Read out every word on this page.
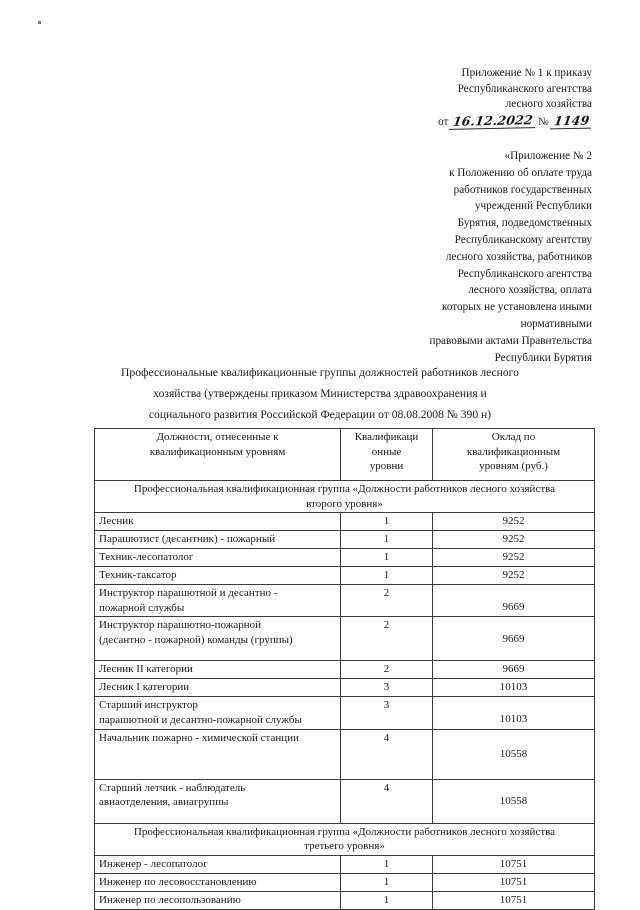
Приложение № 1 к приказу
Республиканского агентства
лесного хозяйства
от 16.12.2022 № 1149
«Приложение № 2
к Положению об оплате труда
работников государственных
учреждений Республики
Бурятия, подведомственных
Республиканскому агентству
лесного хозяйства, работников
Республиканского агентства
лесного хозяйства, оплата
которых не установлена иными
нормативными
правовыми актами Правительства
Республики Бурятия
Профессиональные квалификационные группы должностей работников лесного
хозяйства (утверждены приказом Министерства здравоохранения и
социального развития Российской Федерации от 08.08.2008 № 390 н)
Должности, отнесенные к
квалификационным уровням	Квалификаци
онные
уровни	Оклад по
квалификационным
уровням (руб.)

Профессиональная квалификационная группа «Должности работников лесного хозяйства
второго уровня»		

Лесник	1	9252
Парашютист (десантник) - пожарный	1	9252
Техник-лесопатолог	1	9252
Техник-таксатор	1	9252
Инструктор парашютной и десантно -
пожарной службы	2	9669
Инструктор парашютно-пожарной
(десантно - пожарной) команды (группы)	2	9669
Лесник II категории	2	9669
Лесник I категории	3	10103
Старший инструктор
парашютной и десантно-пожарной службы	3	10103
Начальник пожарно - химической станции	4	10558
Старший летчик - наблюдатель
авиаотделения, авиагруппы	4	10558
Профессиональная квалификационная группа «Должности работников лесного хозяйства
третьего уровня»		

Инженер - лесопатолог	1	10751
Инженер по лесовосстановлению	1	10751
Инженер по лесопользованию	1	10751
